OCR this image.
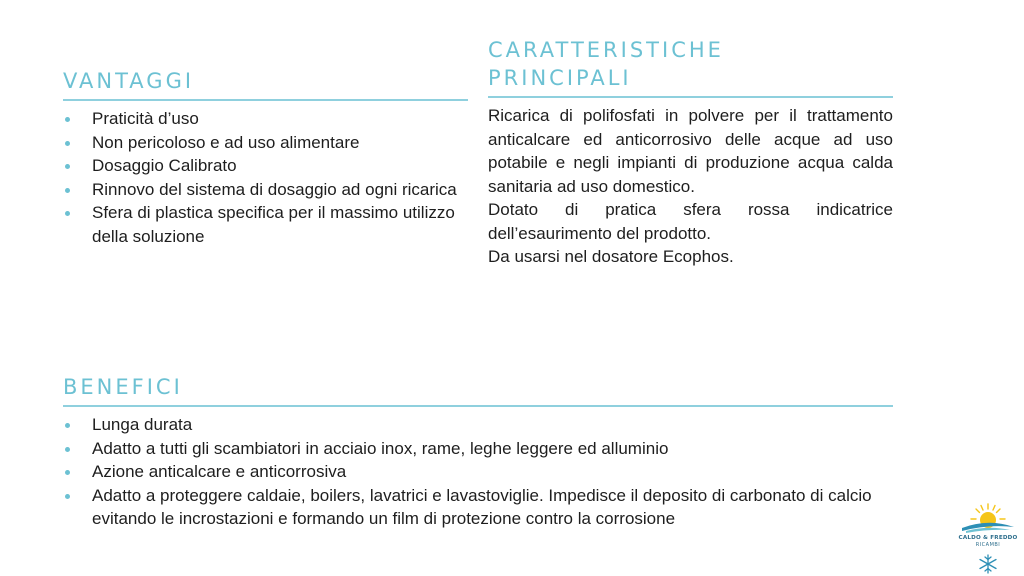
VANTAGGI
Praticità d’uso
Non pericoloso e ad uso alimentare
Dosaggio Calibrato
Rinnovo del sistema di dosaggio ad ogni ricarica
Sfera di plastica specifica per il massimo utilizzo della soluzione
CARATTERISTICHE
PRINCIPALI

Ricarica di polifosfati in polvere per il trattamento anticalcare ed anticorrosivo delle acque ad uso potabile e negli impianti di produzione acqua calda sanitaria ad uso domestico.

Dotato di pratica sfera rossa indicatrice dell’esaurimento del prodotto.

Da usarsi nel dosatore Ecophos.

BENEFICI
Lunga durata
Adatto a tutti gli scambiatori in acciaio inox, rame, leghe leggere ed alluminio
Azione anticalcare e anticorrosiva
Adatto a proteggere caldaie, boilers, lavatrici e lavastoviglie. Impedisce il deposito di carbonato di calcio evitando le incrostazioni e formando un film di protezione contro la corrosione
CALDO & FREDDO
RICAMBI
